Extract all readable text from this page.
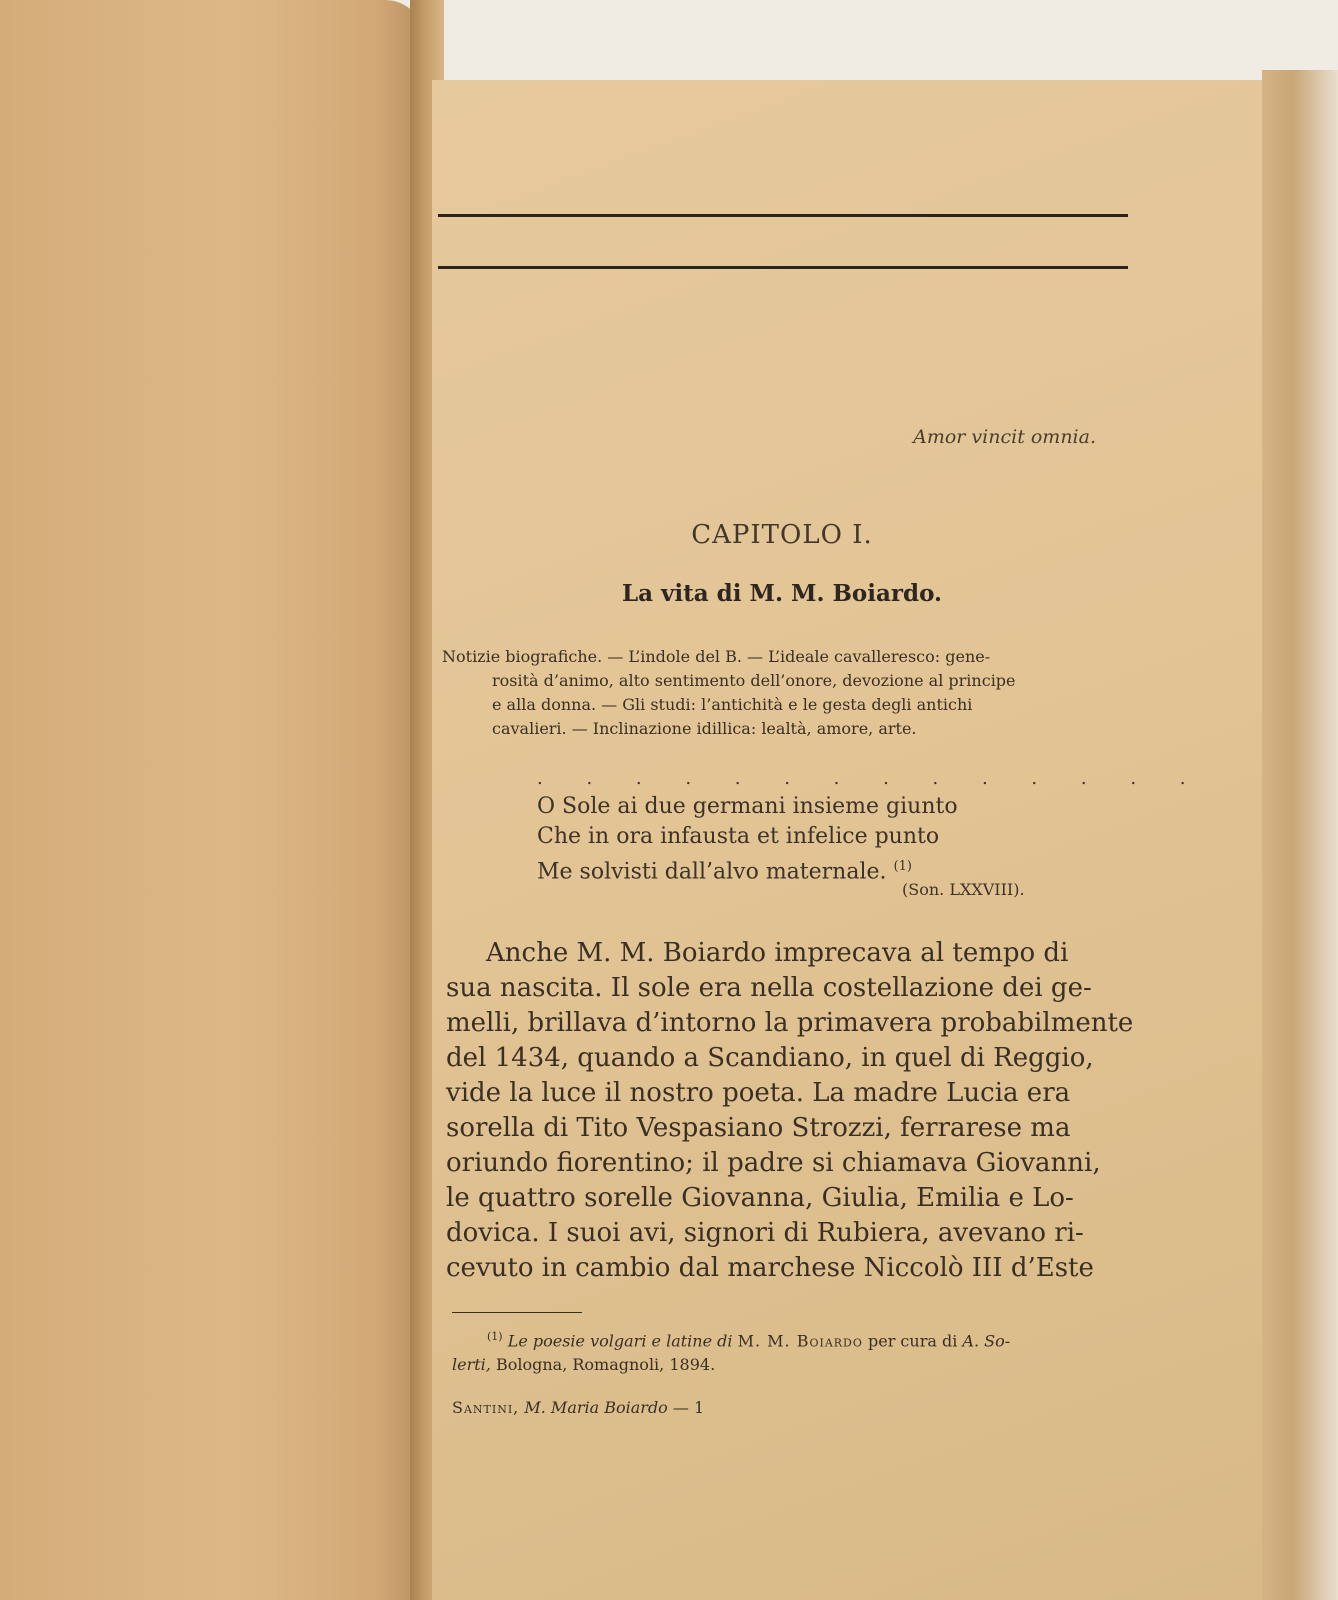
Amor vincit omnia.
CAPITOLO I.
La vita di M. M. Boiardo.
Notizie biografiche. — L’indole del B. — L’ideale cavalleresco: gene-
rosità d’animo, alto sentimento dell’onore, devozione al principe
e alla donna. — Gli studi: l’antichità e le gesta degli antichi
cavalieri. — Inclinazione idillica: lealtà, amore, arte.
. . . . . . . . . . . . . .
O Sole ai due germani insieme giunto
Che in ora infausta et infelice punto
Me solvisti dall’alvo maternale. $^{(1)}$
(Son. LXXVIII).
Anche M. M. Boiardo imprecava al tempo di
sua nascita. Il sole era nella costellazione dei ge-
melli, brillava d’intorno la primavera probabilmente
del 1434, quando a Scandiano, in quel di Reggio,
vide la luce il nostro poeta. La madre Lucia era
sorella di Tito Vespasiano Strozzi, ferrarese ma
oriundo fiorentino; il padre si chiamava Giovanni,
le quattro sorelle Giovanna, Giulia, Emilia e Lo-
dovica. I suoi avi, signori di Rubiera, avevano ri-
cevuto in cambio dal marchese Niccolò III d’Este
$^{(1)}$ Le poesie volgari e latine di M. M. Boiardo per cura di A. So-
lerti, Bologna, Romagnoli, 1894.
Santini, M. Maria Boiardo — 1
